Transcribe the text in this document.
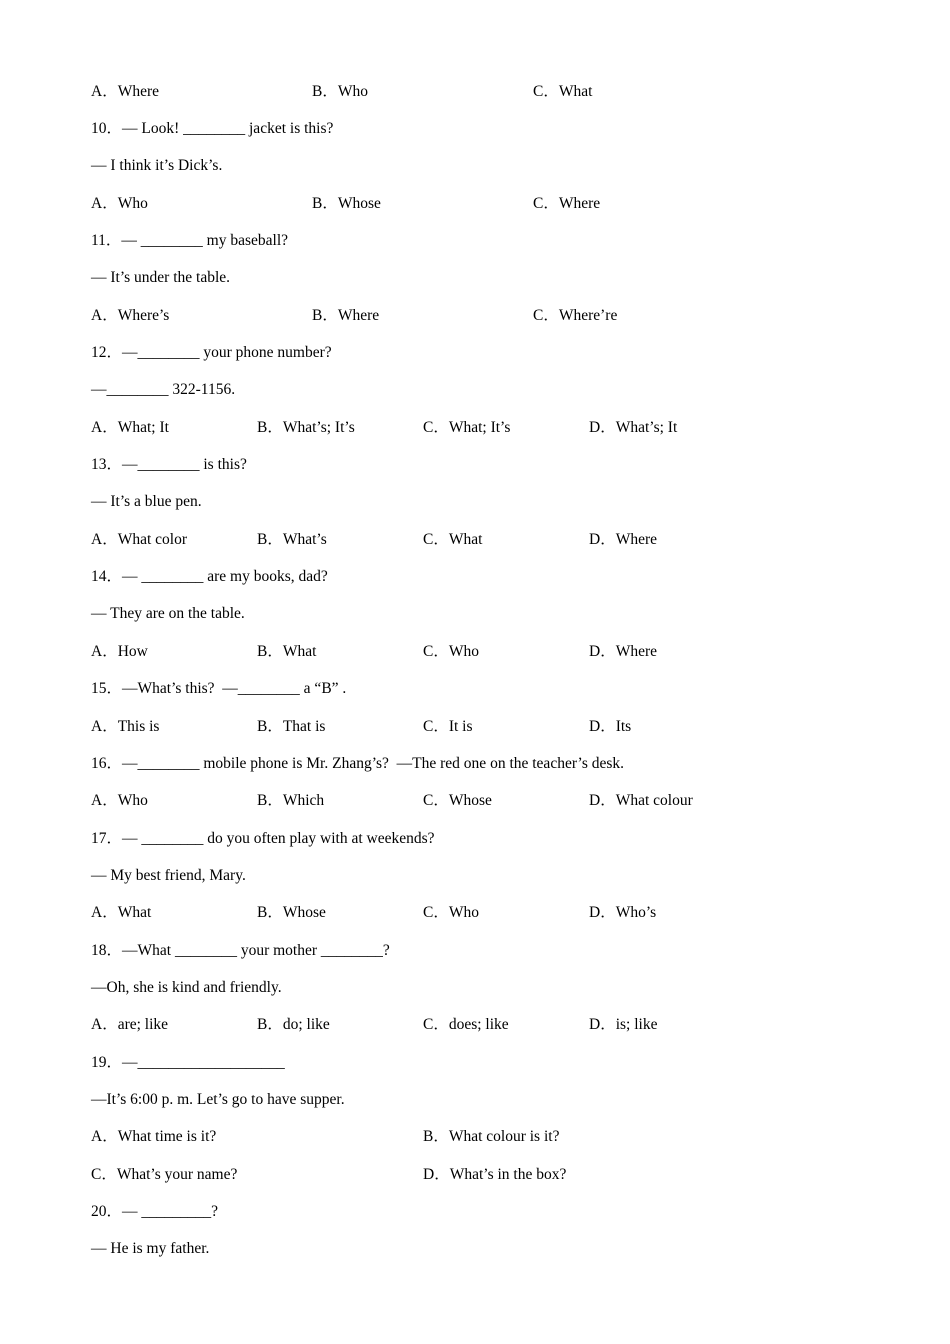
A．Where	B．Who	C．What
10．— Look! ________ jacket is this?
— I think it’s Dick’s.
A．Who	B．Whose	C．Where
11．— ________ my baseball?
— It’s under the table.
A．Where’s	B．Where	C．Where’re
12．—________ your phone number?
—________ 322-1156.
A．What; It	B．What’s; It’s	C．What; It’s	D．What’s; It
13．—________ is this?
— It’s a blue pen.
A．What color	B．What’s	C．What	D．Where
14．— ________ are my books, dad?
— They are on the table.
A．How	B．What	C．Who	D．Where
15．—What’s this?  —________ a “B” .
A．This is	B．That is	C．It is	D．Its
16．—________ mobile phone is Mr. Zhang’s?  —The red one on the teacher’s desk.
A．Who	B．Which	C．Whose	D．What colour
17．— ________ do you often play with at weekends?
— My best friend, Mary.
A．What	B．Whose	C．Who	D．Who’s
18．—What ________ your mother ________?
—Oh, she is kind and friendly.
A．are; like	B．do; like	C．does; like	D．is; like
19．—___________________
—It’s 6:00 p. m. Let’s go to have supper.
A．What time is it?	B．What colour is it?
C．What’s your name?	D．What’s in the box?
20．— _________?
— He is my father.
